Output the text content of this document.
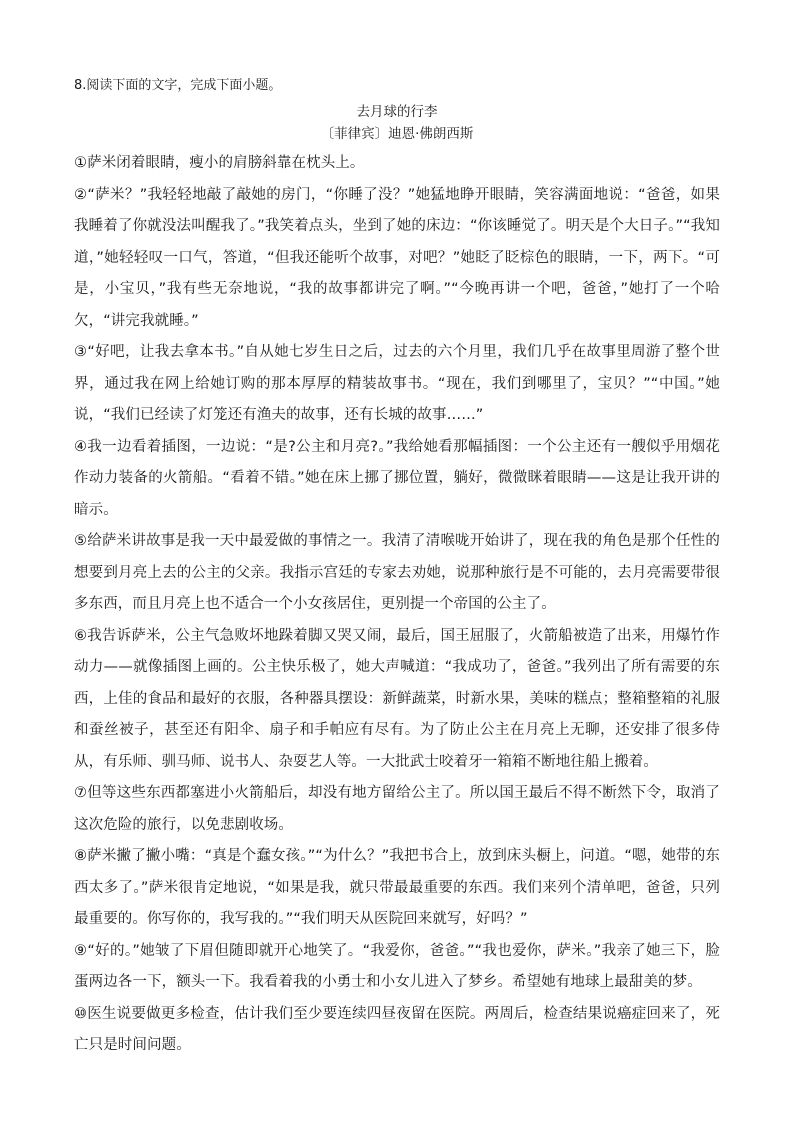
8.阅读下面的文字，完成下面小题。

去月球的行李

〔菲律宾〕迪恩·佛朗西斯

①萨米闭着眼睛，瘦小的肩膀斜靠在枕头上。

②“萨米？”我轻轻地敲了敲她的房门，“你睡了没？”她猛地睁开眼睛，笑容满面地说：“爸爸，如果我睡着了你就没法叫醒我了。”我笑着点头，坐到了她的床边：“你该睡觉了。明天是个大日子。”“我知道，”她轻轻叹一口气，答道，“但我还能听个故事，对吧？”她眨了眨棕色的眼睛，一下，两下。“可是，小宝贝，”我有些无奈地说，“我的故事都讲完了啊。”“今晚再讲一个吧，爸爸，”她打了一个哈欠，“讲完我就睡。”

③“好吧，让我去拿本书。”自从她七岁生日之后，过去的六个月里，我们几乎在故事里周游了整个世界，通过我在网上给她订购的那本厚厚的精装故事书。“现在，我们到哪里了，宝贝？”“中国。”她说，“我们已经读了灯笼还有渔夫的故事，还有长城的故事……”

④我一边看着插图，一边说：“是?公主和月亮?。”我给她看那幅插图：一个公主还有一艘似乎用烟花作动力装备的火箭船。“看着不错。”她在床上挪了挪位置，躺好，微微眯着眼睛——这是让我开讲的暗示。

⑤给萨米讲故事是我一天中最爱做的事情之一。我清了清喉咙开始讲了，现在我的角色是那个任性的想要到月亮上去的公主的父亲。我指示宫廷的专家去劝她，说那种旅行是不可能的，去月亮需要带很多东西，而且月亮上也不适合一个小女孩居住，更别提一个帝国的公主了。

⑥我告诉萨米，公主气急败坏地跺着脚又哭又闹，最后，国王屈服了，火箭船被造了出来，用爆竹作动力——就像插图上画的。公主快乐极了，她大声喊道：“我成功了，爸爸。”我列出了所有需要的东西，上佳的食品和最好的衣服，各种器具摆设：新鲜蔬菜，时新水果，美味的糕点；整箱整箱的礼服和蚕丝被子，甚至还有阳伞、扇子和手帕应有尽有。为了防止公主在月亮上无聊，还安排了很多侍从，有乐师、驯马师、说书人、杂耍艺人等。一大批武士咬着牙一箱箱不断地往船上搬着。

⑦但等这些东西都塞进小火箭船后，却没有地方留给公主了。所以国王最后不得不断然下令，取消了这次危险的旅行，以免悲剧收场。

⑧萨米撇了撇小嘴：“真是个蠢女孩。”“为什么？”我把书合上，放到床头橱上，问道。“嗯，她带的东西太多了。”萨米很肯定地说，“如果是我，就只带最最重要的东西。我们来列个清单吧，爸爸，只列最重要的。你写你的，我写我的。”“我们明天从医院回来就写，好吗？”

⑨“好的。”她皱了下眉但随即就开心地笑了。“我爱你，爸爸。”“我也爱你，萨米。”我亲了她三下，脸蛋两边各一下，额头一下。我看着我的小勇士和小女儿进入了梦乡。希望她有地球上最甜美的梦。

⑩医生说要做更多检查，估计我们至少要连续四昼夜留在医院。两周后，检查结果说癌症回来了，死亡只是时间问题。
